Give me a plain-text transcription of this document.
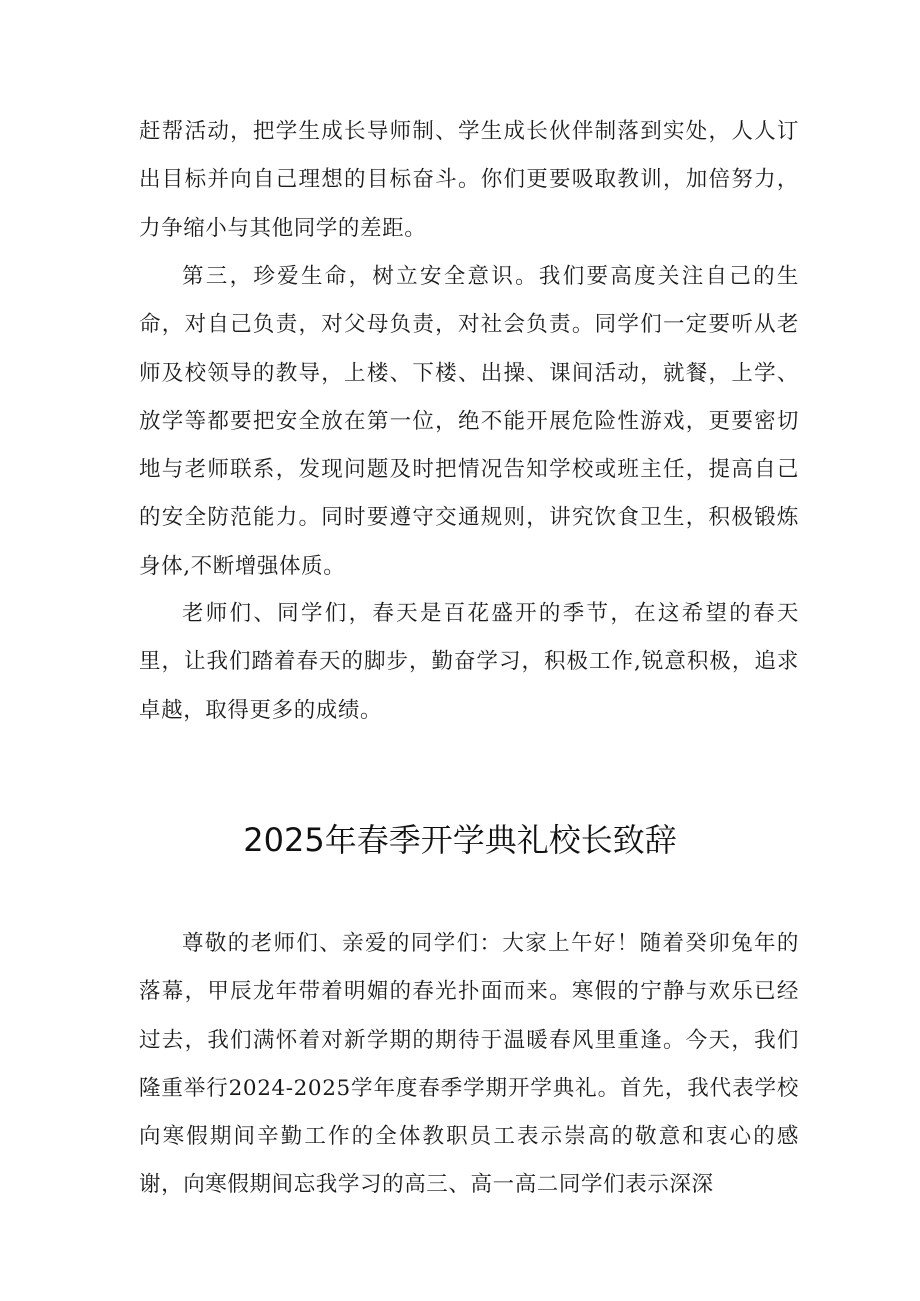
赶帮活动，把学生成长导师制、学生成长伙伴制落到实处，人人订出目标并向自己理想的目标奋斗。你们更要吸取教训，加倍努力，力争缩小与其他同学的差距。

第三，珍爱生命，树立安全意识。我们要高度关注自己的生命，对自己负责，对父母负责，对社会负责。同学们一定要听从老师及校领导的教导，上楼、下楼、出操、课间活动，就餐，上学、放学等都要把安全放在第一位，绝不能开展危险性游戏，更要密切地与老师联系，发现问题及时把情况告知学校或班主任，提高自己的安全防范能力。同时要遵守交通规则，讲究饮食卫生，积极锻炼身体,不断增强体质。

老师们、同学们，春天是百花盛开的季节，在这希望的春天里，让我们踏着春天的脚步，勤奋学习，积极工作,锐意积极，追求卓越，取得更多的成绩。

2025年春季开学典礼校长致辞

尊敬的老师们、亲爱的同学们：大家上午好！随着癸卯兔年的落幕，甲辰龙年带着明媚的春光扑面而来。寒假的宁静与欢乐已经过去，我们满怀着对新学期的期待于温暖春风里重逢。今天，我们隆重举行2024-2025学年度春季学期开学典礼。首先，我代表学校向寒假期间辛勤工作的全体教职员工表示崇高的敬意和衷心的感谢，向寒假期间忘我学习的高三、高一高二同学们表示深深
